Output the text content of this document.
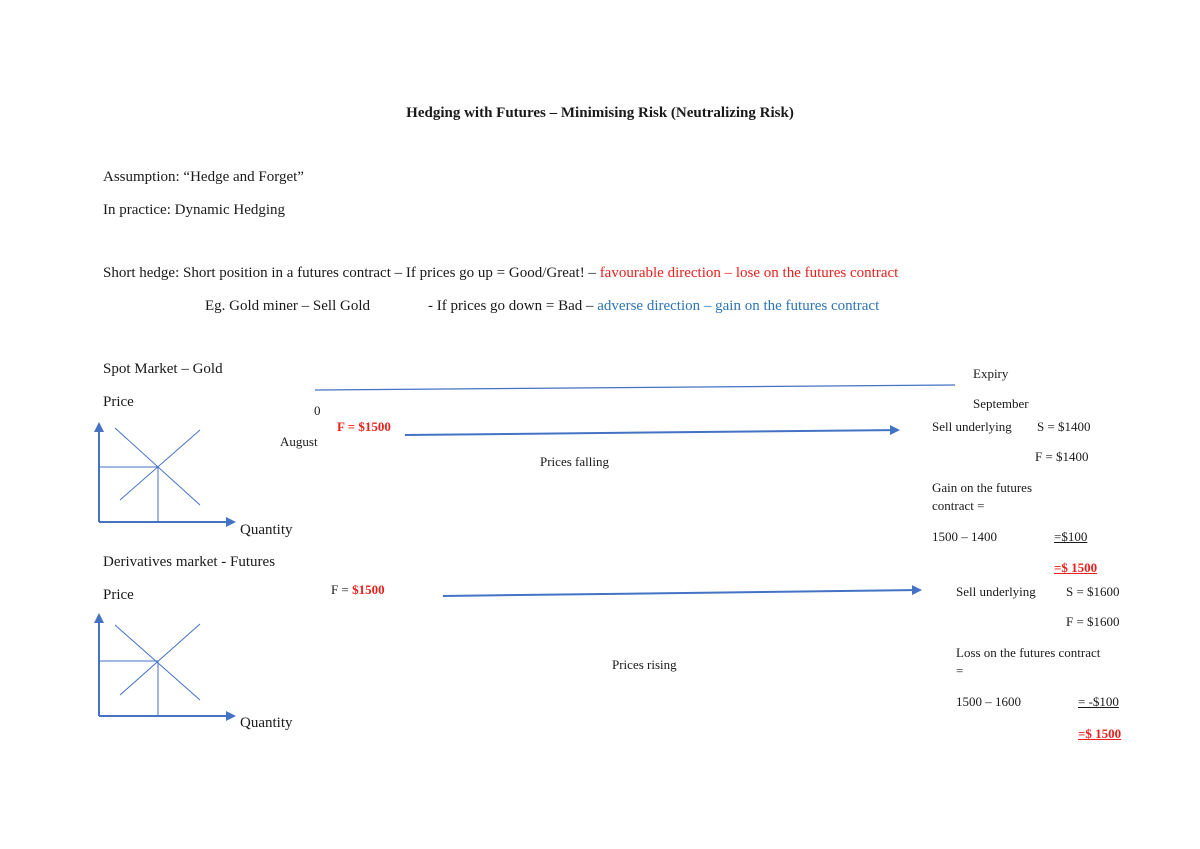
Hedging with Futures – Minimising Risk (Neutralizing Risk)
Assumption: “Hedge and Forget”
In practice: Dynamic Hedging
Short hedge: Short position in a futures contract – If prices go up = Good/Great! – favourable direction – lose on the futures contract
Eg. Gold miner – Sell Gold	- If prices go down = Bad – adverse direction – gain on the futures contract
Spot Market – Gold
Price
Quantity
Derivatives market - Futures
Price
Quantity
0
August
Expiry
September
F = $1500
Prices falling
Sell underlying S = $1400
F = $1400
Gain on the futures
contract =
1500 – 1400	=$100
=$ 1500
F = $1500
Prices rising
Sell underlying S = $1600
F = $1600
Loss on the futures contract
=
1500 – 1600	= -$100
=$ 1500
